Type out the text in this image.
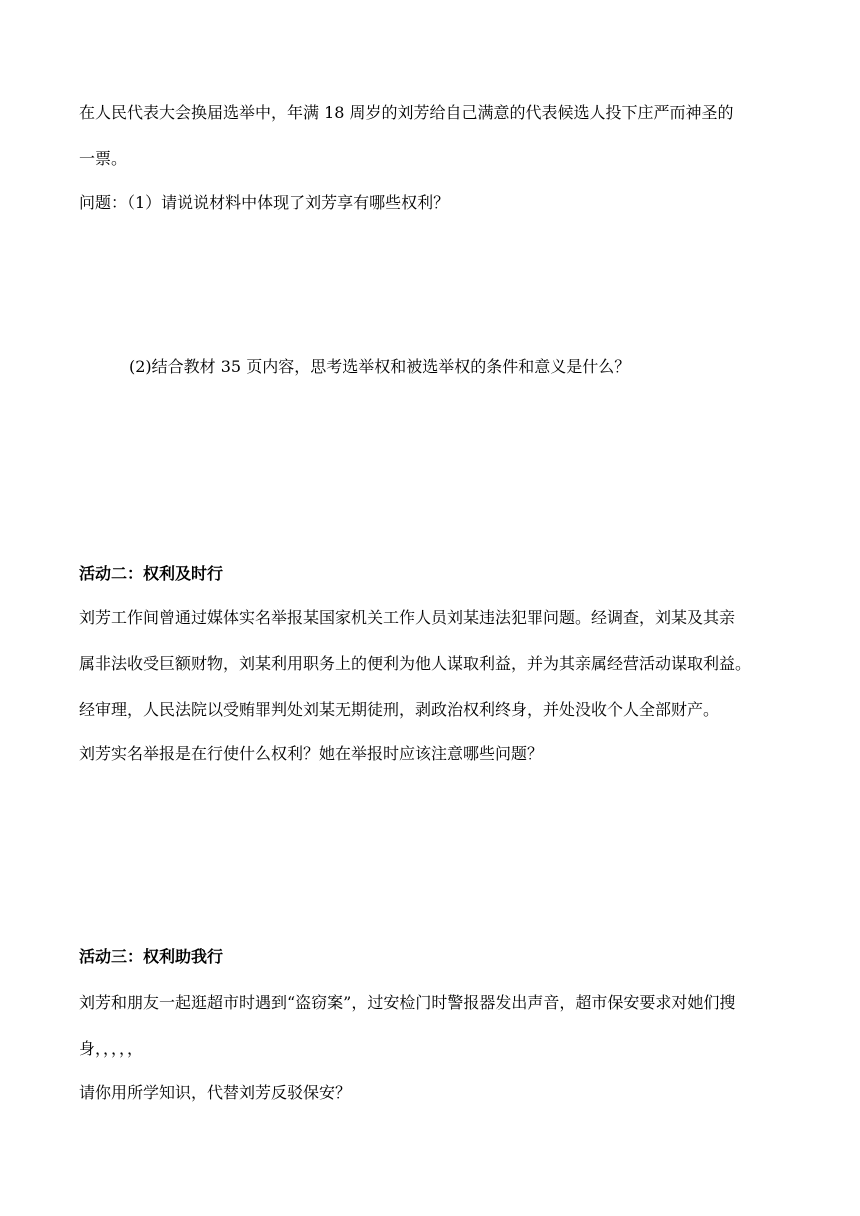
在人民代表大会换届选举中，年满 18 周岁的刘芳给自己满意的代表候选人投下庄严而神圣的
一票。
问题：（1）请说说材料中体现了刘芳享有哪些权利？
(2)结合教材 35 页内容，思考选举权和被选举权的条件和意义是什么？
活动二：权利及时行
刘芳工作间曾通过媒体实名举报某国家机关工作人员刘某违法犯罪问题。经调查，刘某及其亲
属非法收受巨额财物，刘某利用职务上的便利为他人谋取利益，并为其亲属经营活动谋取利益。
经审理，人民法院以受贿罪判处刘某无期徒刑，剥政治权利终身，并处没收个人全部财产。
刘芳实名举报是在行使什么权利？她在举报时应该注意哪些问题？
活动三：权利助我行
刘芳和朋友一起逛超市时遇到“盗窃案”，过安检门时警报器发出声音，超市保安要求对她们搜
身，，，，，
请你用所学知识，代替刘芳反驳保安？
